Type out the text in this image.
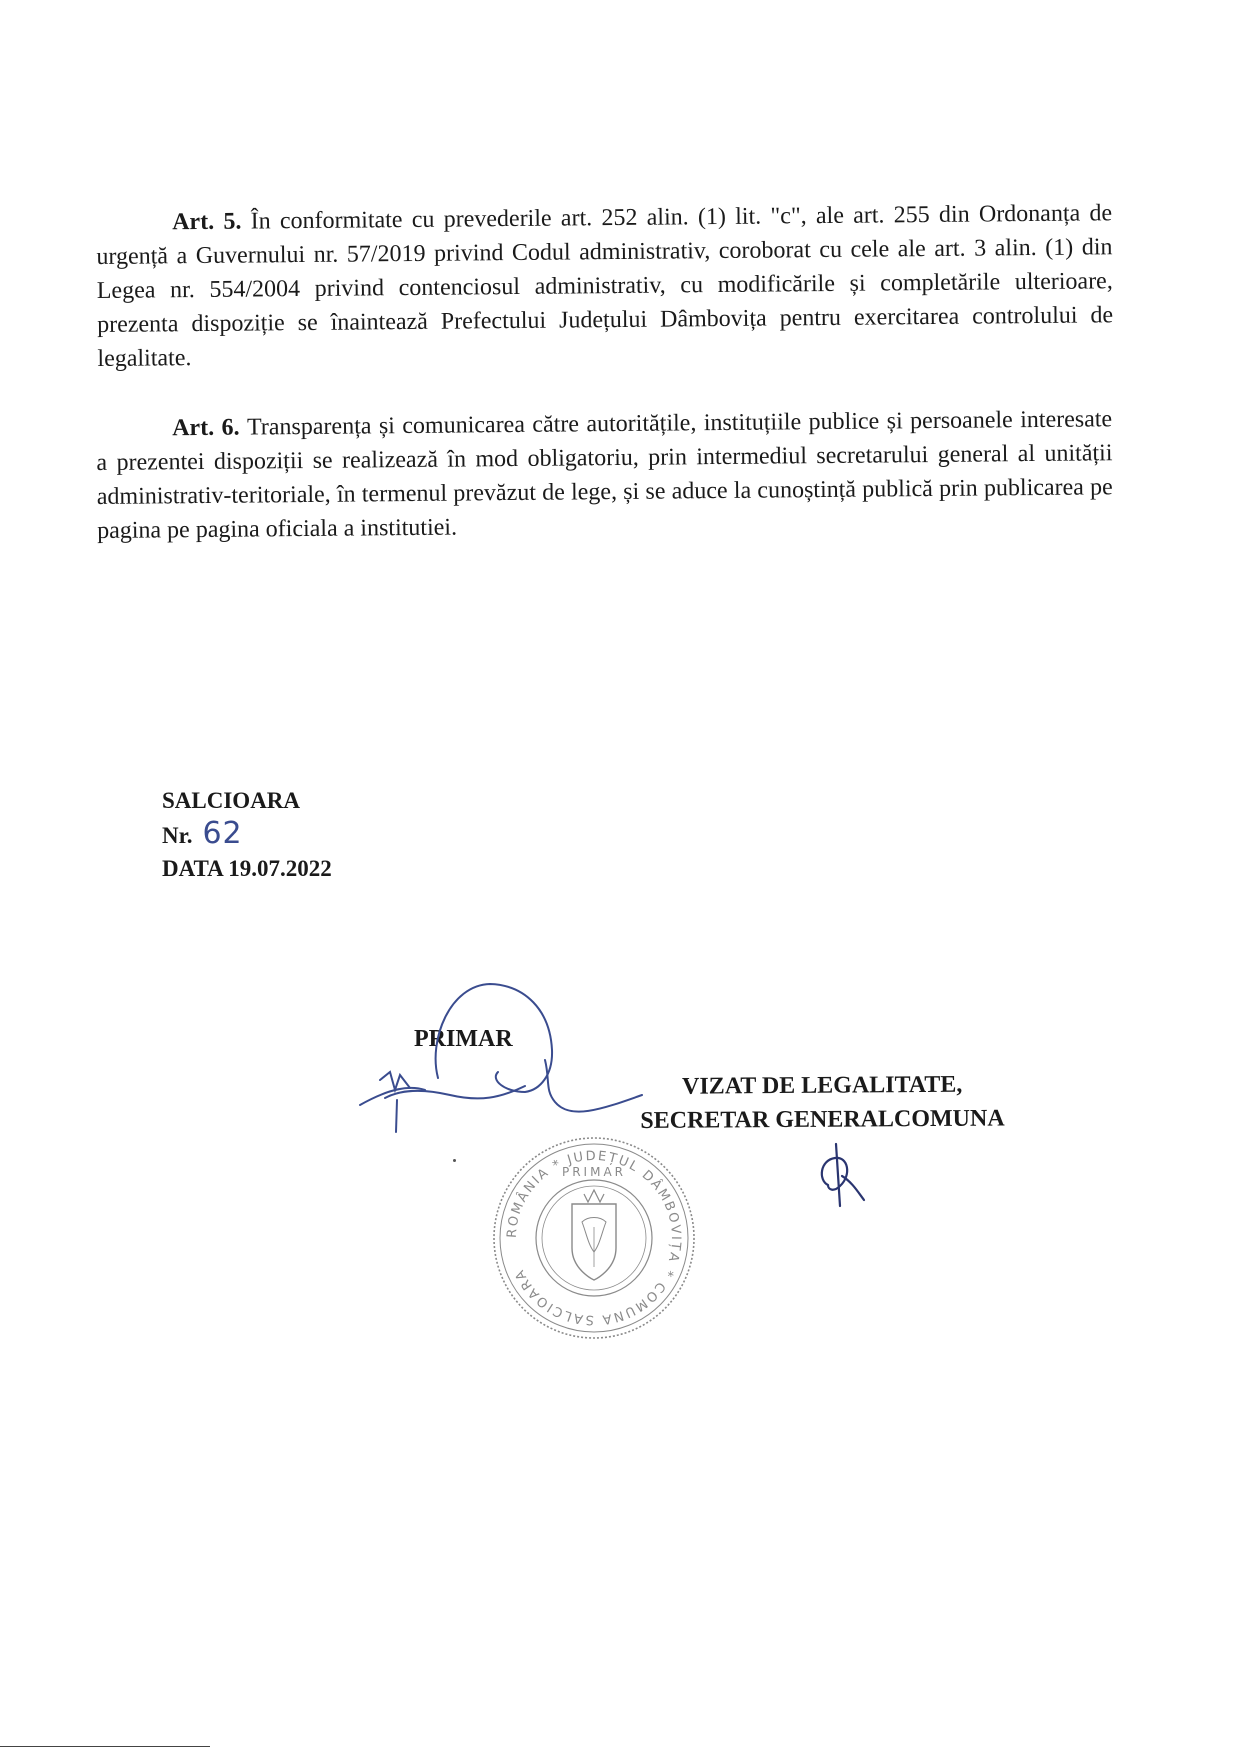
Art. 5. În conformitate cu prevederile art. 252 alin. (1) lit. "c", ale art. 255 din Ordonanța de urgență a Guvernului nr. 57/2019 privind Codul administrativ, coroborat cu cele ale art. 3 alin. (1) din Legea nr. 554/2004 privind contenciosul administrativ, cu modificările și completările ulterioare, prezenta dispoziție se înaintează Prefectului Județului Dâmbovița pentru exercitarea controlului de legalitate.
Art. 6. Transparența și comunicarea către autoritățile, instituțiile publice și persoanele interesate a prezentei dispoziții se realizează în mod obligatoriu, prin intermediul secretarului general al unității administrativ-teritoriale, în termenul prevăzut de lege, și se aduce la cunoștință publică prin publicarea pe pagina pe pagina oficiala a institutiei.
SALCIOARA
Nr. 62
DATA 19.07.2022
PRIMAR
VIZAT DE LEGALITATE,
SECRETAR GENERALCOMUNA
ROMÂNIA * JUDEȚUL DÂMBOVIȚA * COMUNA SALCIOARA
PRIMAR
